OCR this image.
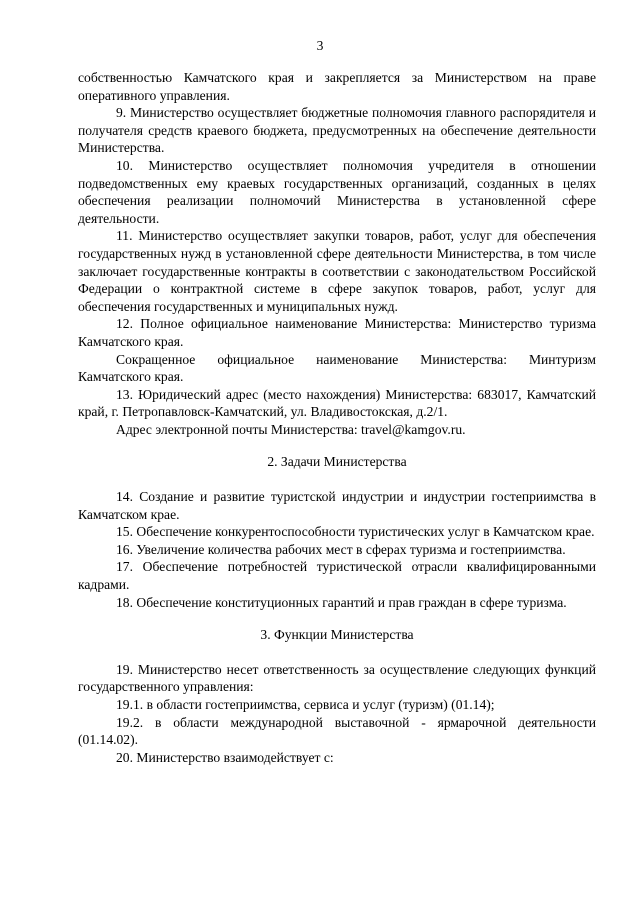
3

собственностью Камчатского края и закрепляется за Министерством на праве оперативного управления.

9. Министерство осуществляет бюджетные полномочия главного распорядителя и получателя средств краевого бюджета, предусмотренных на обеспечение деятельности Министерства.

10. Министерство осуществляет полномочия учредителя в отношении подведомственных ему краевых государственных организаций, созданных в целях обеспечения реализации полномочий Министерства в установленной сфере деятельности.

11. Министерство осуществляет закупки товаров, работ, услуг для обеспечения государственных нужд в установленной сфере деятельности Министерства, в том числе заключает государственные контракты в соответствии с законодательством Российской Федерации о контрактной системе в сфере закупок товаров, работ, услуг для обеспечения государственных и муниципальных нужд.

12. Полное официальное наименование Министерства: Министерство туризма Камчатского края.

Сокращенное официальное наименование Министерства: Минтуризм Камчатского края.

13. Юридический адрес (место нахождения) Министерства: 683017, Камчатский край, г. Петропавловск-Камчатский, ул. Владивостокская, д.2/1.

Адрес электронной почты Министерства: travel@kamgov.ru.

2. Задачи Министерства

14. Создание и развитие туристской индустрии и индустрии гостеприимства в Камчатском крае.

15. Обеспечение конкурентоспособности туристических услуг в Камчатском крае.

16. Увеличение количества рабочих мест в сферах туризма и гостеприимства.

17. Обеспечение потребностей туристической отрасли квалифицированными кадрами.

18. Обеспечение конституционных гарантий и прав граждан в сфере туризма.

3. Функции Министерства

19. Министерство несет ответственность за осуществление следующих функций государственного управления:

19.1. в области гостеприимства, сервиса и услуг (туризм) (01.14);

19.2. в области международной выставочной - ярмарочной деятельности (01.14.02).

20. Министерство взаимодействует с:
